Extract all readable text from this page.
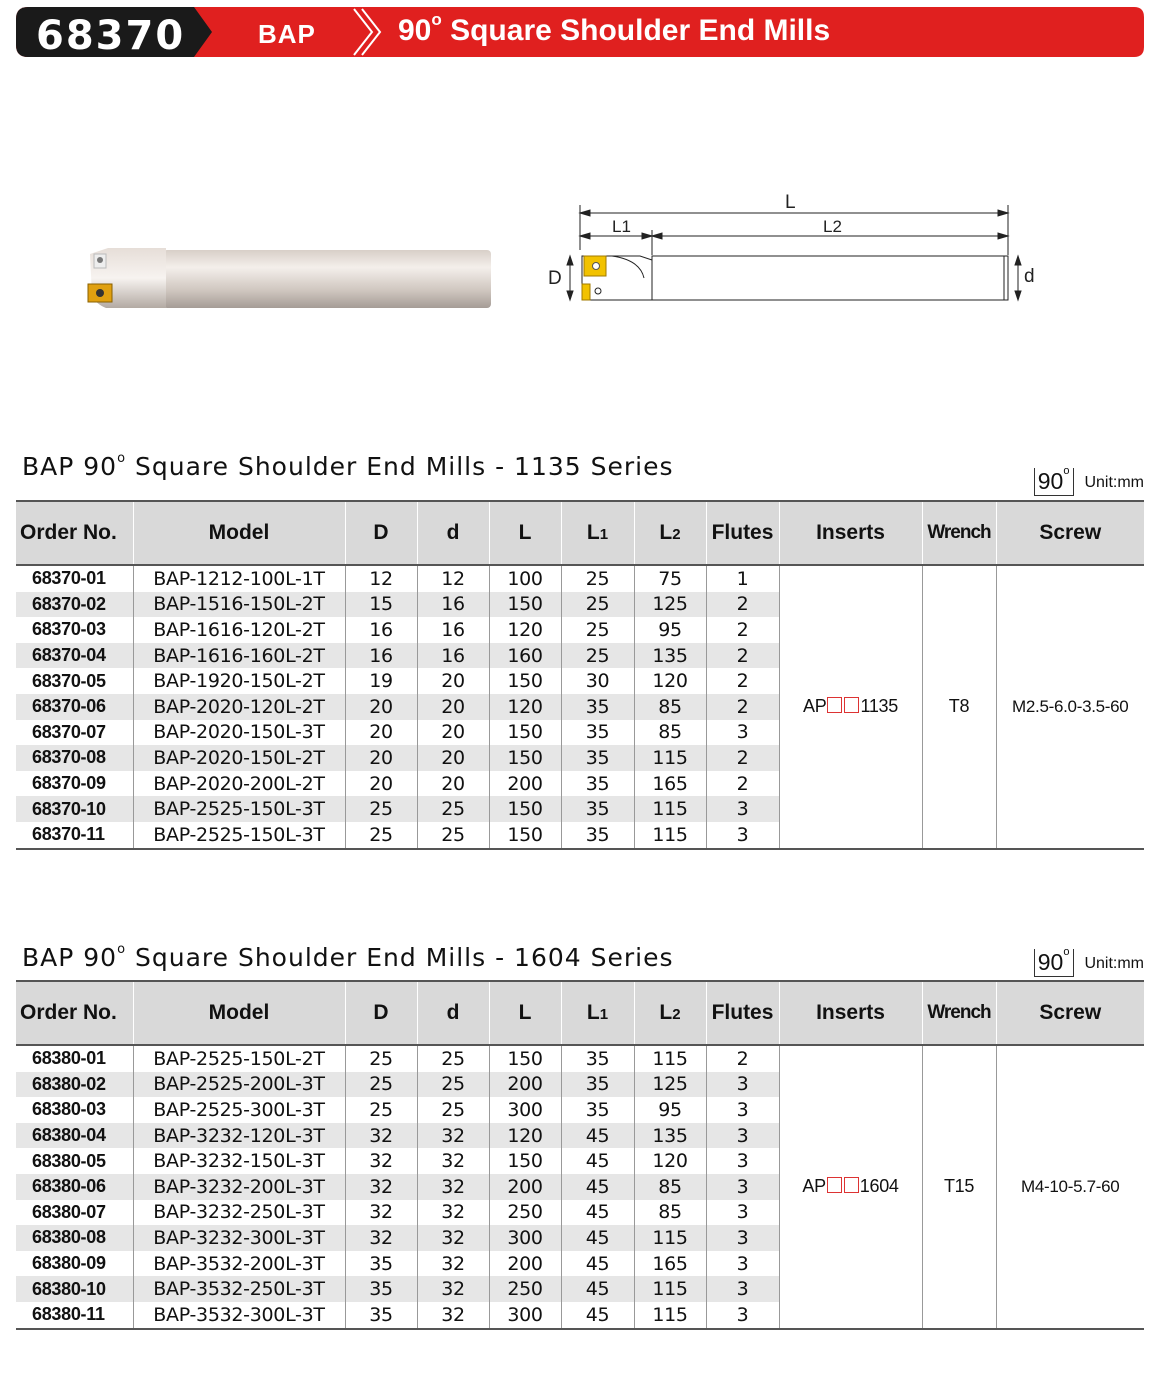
68370	BAP	90$^o$ Square Shoulder End Mills
L
L1	L2
D	d
BAP 90$^o$ Square Shoulder End Mills - 1135 Series	90$^o$Unit:mm
Order No.	Model	D	d	L	L1	L2	Flutes	Inserts	Wrench	Screw
68370-01	BAP-1212-100L-1T	12	12	100	25	75	1	AP 1135	T8	M2.5-6.0-3.5-60
68370-02	BAP-1516-150L-2T	15	16	150	25	125	2			
68370-03	BAP-1616-120L-2T	16	16	120	25	95	2			
68370-04	BAP-1616-160L-2T	16	16	160	25	135	2			
68370-05	BAP-1920-150L-2T	19	20	150	30	120	2			
68370-06	BAP-2020-120L-2T	20	20	120	35	85	2			
68370-07	BAP-2020-150L-3T	20	20	150	35	85	3			
68370-08	BAP-2020-150L-2T	20	20	150	35	115	2			
68370-09	BAP-2020-200L-2T	20	20	200	35	165	2			
68370-10	BAP-2525-150L-3T	25	25	150	35	115	3			
68370-11	BAP-2525-150L-3T	25	25	150	35	115	3			
BAP 90$^o$ Square Shoulder End Mills - 1604 Series	90$^o$Unit:mm
Order No.	Model	D	d	L	L1	L2	Flutes	Inserts	Wrench	Screw
68380-01	BAP-2525-150L-2T	25	25	150	35	115	2	AP 1604	T15	M4-10-5.7-60
68380-02	BAP-2525-200L-3T	25	25	200	35	125	3			
68380-03	BAP-2525-300L-3T	25	25	300	35	95	3			
68380-04	BAP-3232-120L-3T	32	32	120	45	135	3			
68380-05	BAP-3232-150L-3T	32	32	150	45	120	3			
68380-06	BAP-3232-200L-3T	32	32	200	45	85	3			
68380-07	BAP-3232-250L-3T	32	32	250	45	85	3			
68380-08	BAP-3232-300L-3T	32	32	300	45	115	3			
68380-09	BAP-3532-200L-3T	35	32	200	45	165	3			
68380-10	BAP-3532-250L-3T	35	32	250	45	115	3			
68380-11	BAP-3532-300L-3T	35	32	300	45	115	3			
